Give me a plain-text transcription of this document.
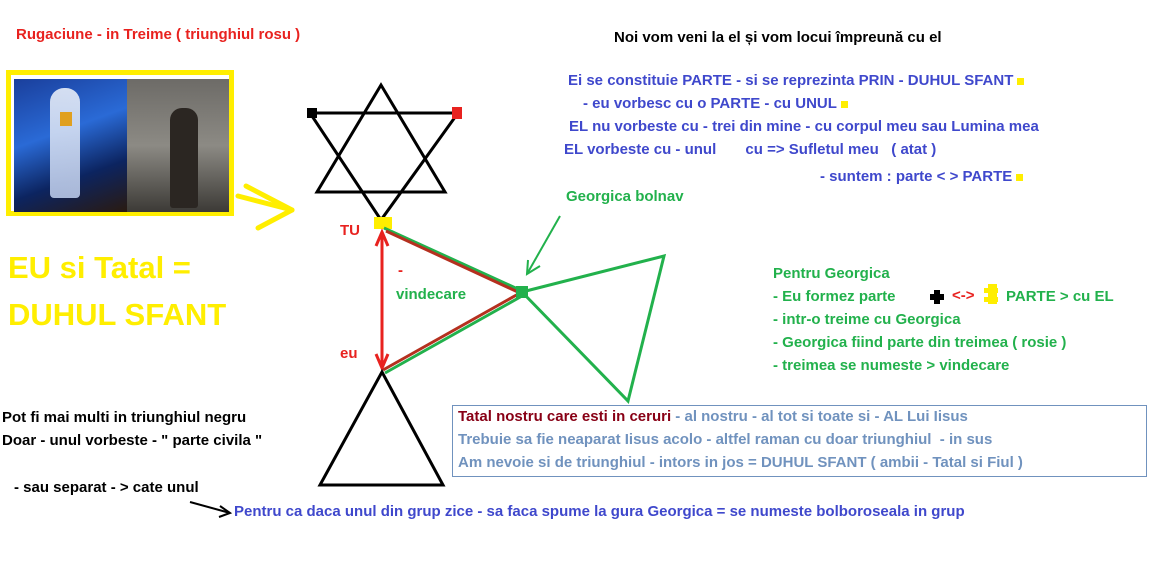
Rugaciune - in Treime ( triunghiul rosu )	Noi vom veni la el și vom locui împreună cu el
EU si Tatal =
DUHUL SFANT
TU
eu
-
vindecare
Georgica bolnav
Ei se constituie PARTE - si se reprezinta PRIN - DUHUL SFANT
- eu vorbesc cu o PARTE - cu UNUL
EL nu vorbeste cu - trei din mine - cu corpul meu sau Lumina mea
EL vorbeste cu - unul       cu => Sufletul meu   ( atat )
- suntem : parte < > PARTE
Pentru Georgica
- Eu formez parte	<-> PARTE > cu EL
- intr-o treime cu Georgica
- Georgica fiind parte din treimea ( rosie )
- treimea se numeste > vindecare
Pot fi mai multi in triunghiul negru
Doar - unul vorbeste - " parte civila "
- sau separat - > cate unul
Tatal nostru care esti in ceruri - al nostru - al tot si toate si - AL Lui Iisus
Trebuie sa fie neaparat Iisus acolo - altfel raman cu doar triunghiul  - in sus
Am nevoie si de triunghiul - intors in jos = DUHUL SFANT ( ambii - Tatal si Fiul )
Pentru ca daca unul din grup zice - sa faca spume la gura Georgica = se numeste bolboroseala in grup
